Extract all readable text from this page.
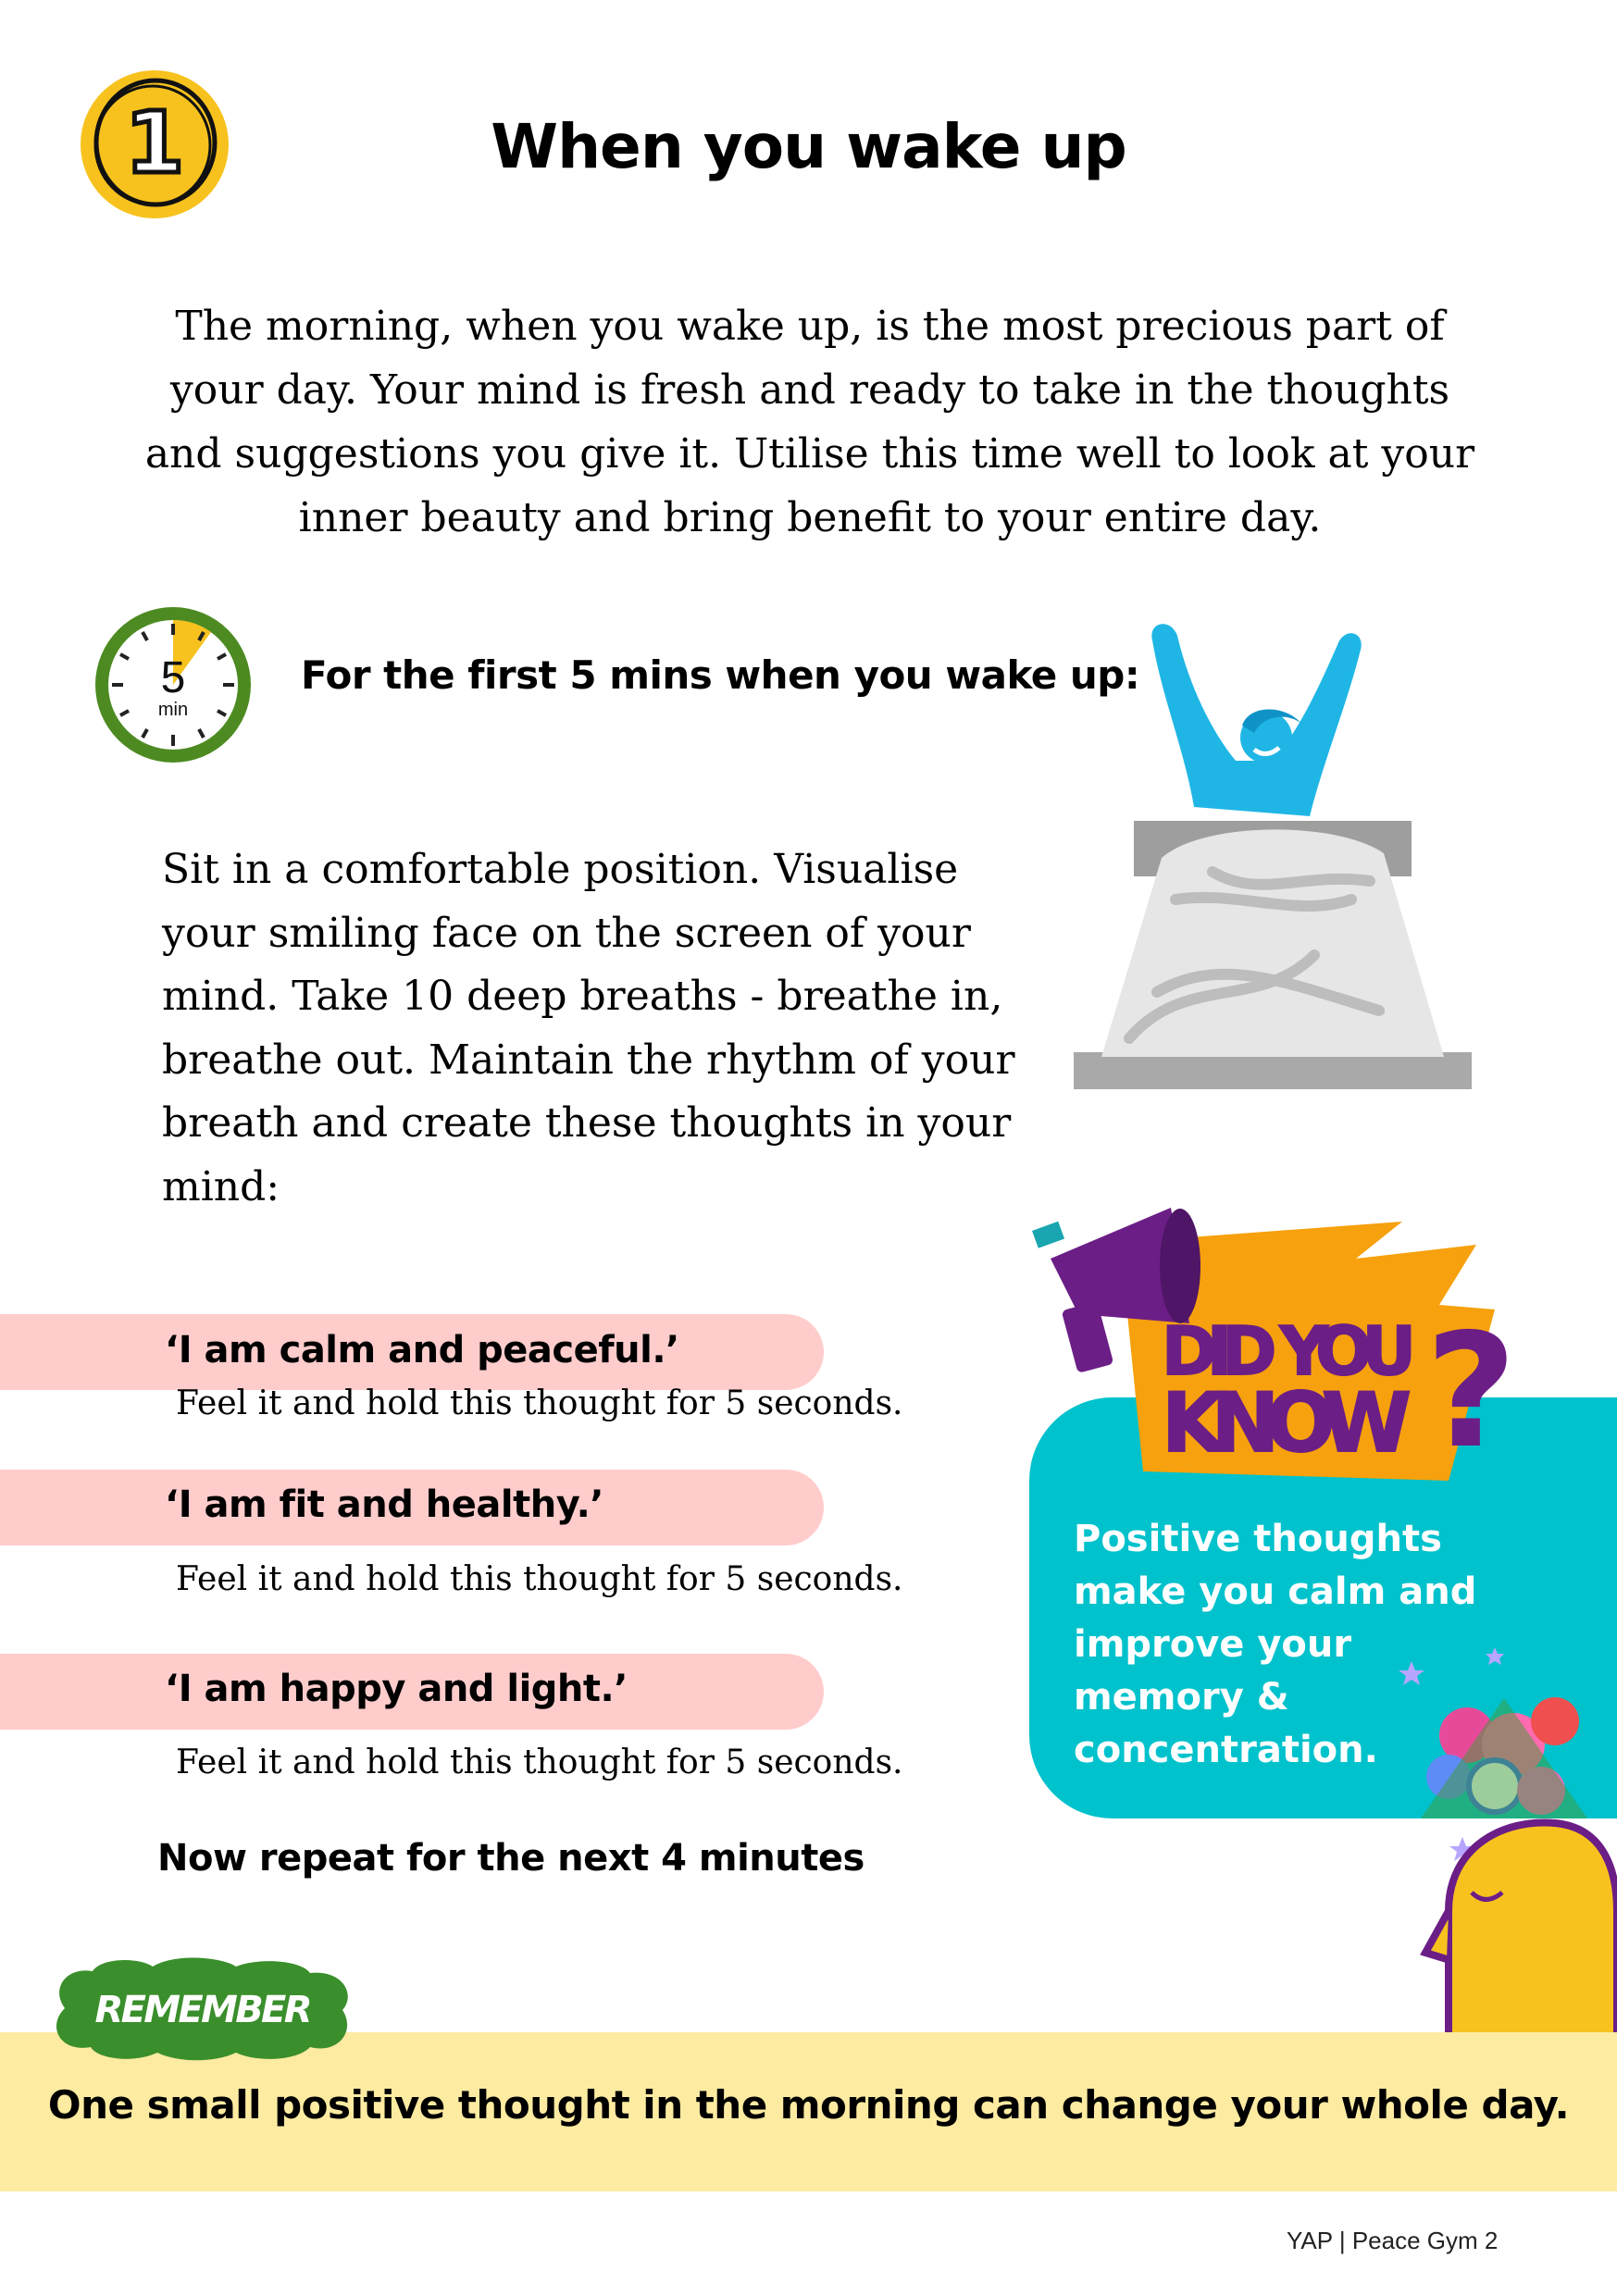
1	When you wake up
The morning, when you wake up, is the most precious part of your day. Your mind is fresh and ready to take in the thoughts and suggestions you give it. Utilise this time well to look at your inner beauty and bring benefit to your entire day.
5
min
For the first 5 mins when you wake up:
Sit in a comfortable position. Visualise your smiling face on the screen of your mind. Take 10 deep breaths - breathe in, breathe out. Maintain the rhythm of your breath and create these thoughts in your mind:
‘I am calm and peaceful.’
Feel it and hold this thought for 5 seconds.
‘I am fit and healthy.’
Feel it and hold this thought for 5 seconds.
‘I am happy and light.’
Feel it and hold this thought for 5 seconds.
Now repeat for the next 4 minutes
DID YOU
KNOW ?
Positive thoughts make you calm and improve your memory & concentration.
REMEMBER
One small positive thought in the morning can change your whole day.
YAP | Peace Gym 2
